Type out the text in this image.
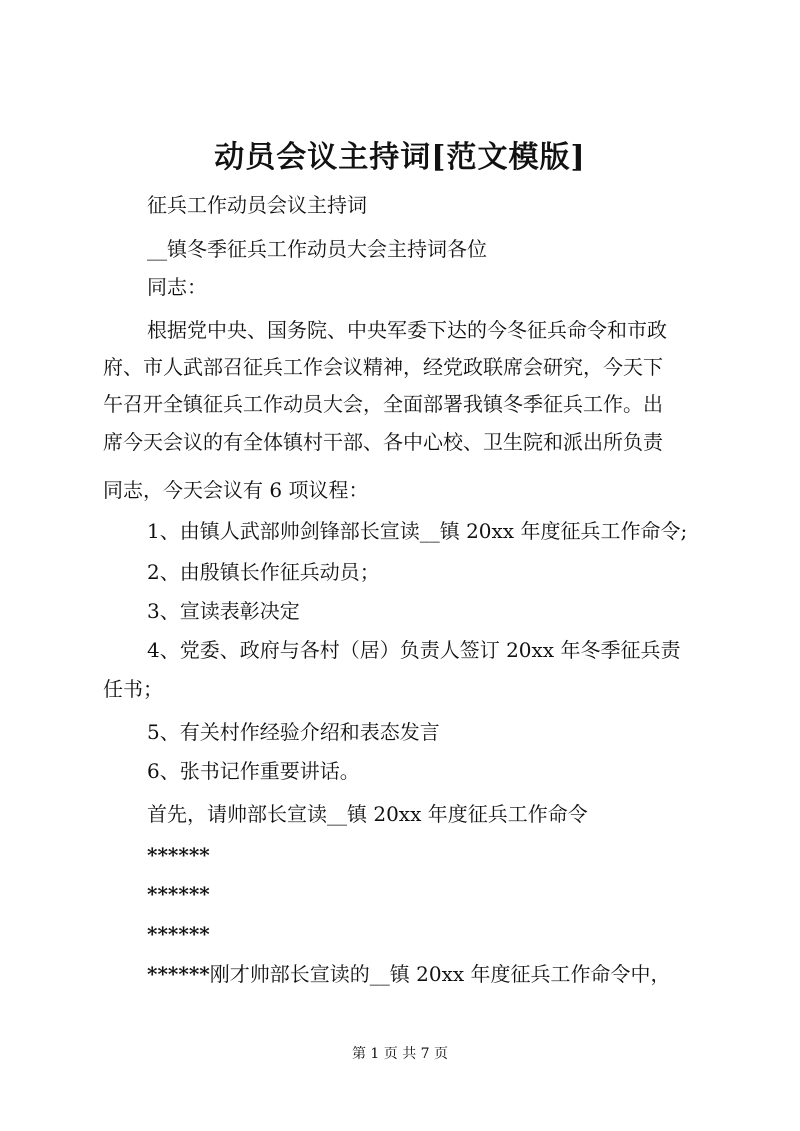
动员会议主持词[范文模版]
征兵工作动员会议主持词
__镇冬季征兵工作动员大会主持词各位
同志：
根据党中央、国务院、中央军委下达的今冬征兵命令和市政
府、市人武部召征兵工作会议精神，经党政联席会研究，今天下
午召开全镇征兵工作动员大会，全面部署我镇冬季征兵工作。出
席今天会议的有全体镇村干部、各中心校、卫生院和派出所负责
同志，今天会议有 6 项议程：
1、由镇人武部帅剑锋部长宣读__镇 20xx 年度征兵工作命令;
2、由殷镇长作征兵动员；
3、宣读表彰决定
4、党委、政府与各村（居）负责人签订 20xx 年冬季征兵责
任书；
5、有关村作经验介绍和表态发言
6、张书记作重要讲话。
首先，请帅部长宣读__镇 20xx 年度征兵工作命令
******
******
******
******刚才帅部长宣读的__镇 20xx 年度征兵工作命令中，
第 1 页 共 7 页
